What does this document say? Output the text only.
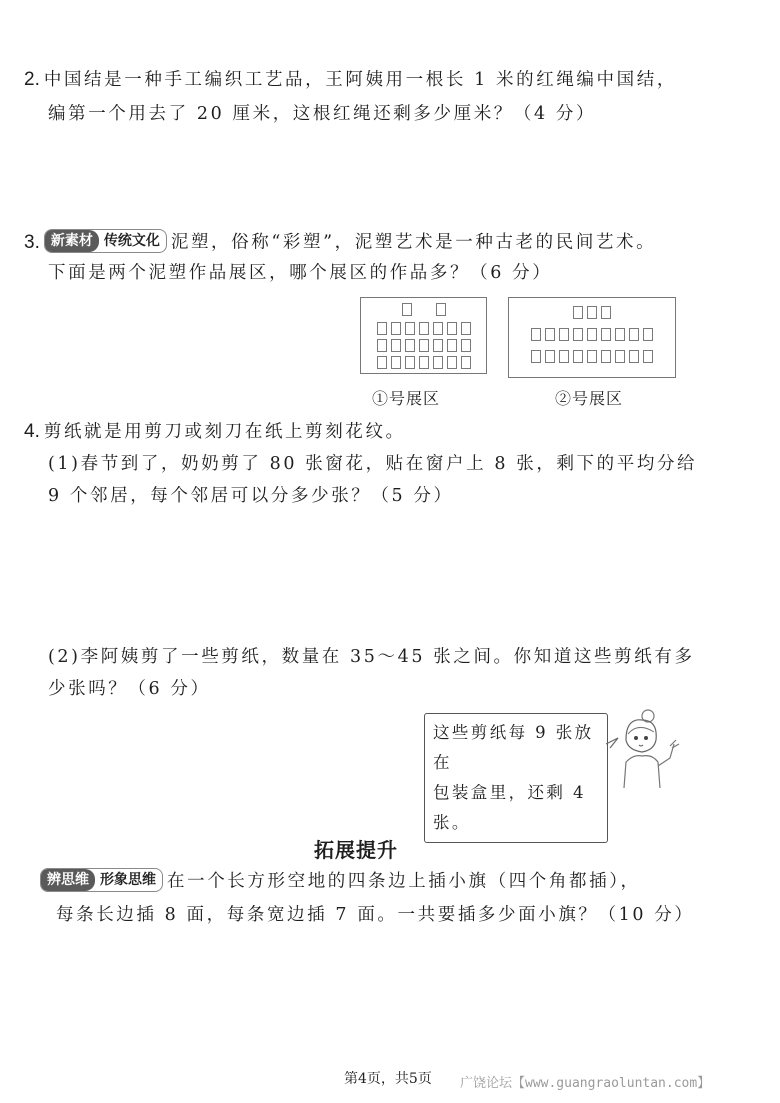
2. 中国结是一种手工编织工艺品，王阿姨用一根长 1 米的红绳编中国结，
编第一个用去了 20 厘米，这根红绳还剩多少厘米？（4 分）
3. 新素材 传统文化 泥塑，俗称“彩塑”，泥塑艺术是一种古老的民间艺术。
下面是两个泥塑作品展区，哪个展区的作品多？（6 分）
①号展区	②号展区
4. 剪纸就是用剪刀或刻刀在纸上剪刻花纹。
(1)春节到了，奶奶剪了 80 张窗花，贴在窗户上 8 张，剩下的平均分给
9 个邻居，每个邻居可以分多少张？（5 分）
(2)李阿姨剪了一些剪纸，数量在 35～45 张之间。你知道这些剪纸有多
少张吗？（6 分）
这些剪纸每 9 张放在
包装盒里，还剩 4 张。
拓展提升
辨思维 形象思维 在一个长方形空地的四条边上插小旗（四个角都插），
每条长边插 8 面，每条宽边插 7 面。一共要插多少面小旗？（10 分）
第4页，共5页 广饶论坛【www.guangraoluntan.com】
